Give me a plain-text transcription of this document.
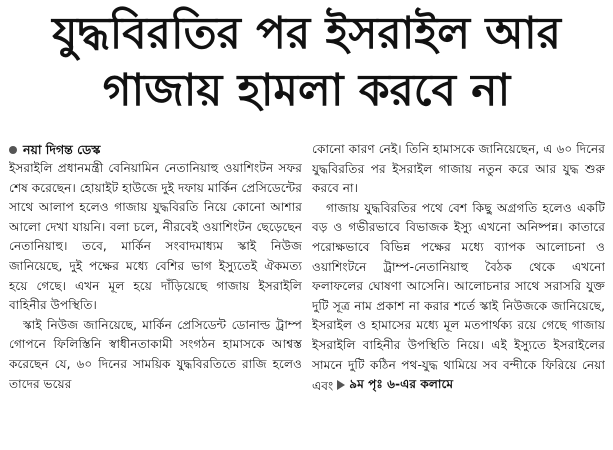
যুদ্ধবিরতির পর ইসরাইল আর
গাজায় হামলা করবে না
নয়া দিগন্ত ডেস্ক

ইসরাইলি প্রধানমন্ত্রী বেনিয়ামিন নেতানিয়াহু ওয়াশিংটন সফর শেষ করেছেন। হোয়াইট হাউজে দুই দফায় মার্কিন প্রেসিডেন্টের সাথে আলাপ হলেও গাজায় যুদ্ধবিরতি নিয়ে কোনো আশার আলো দেখা যায়নি। বলা চলে, নীরবেই ওয়াশিংটন ছেড়েছেন নেতানিয়াহু। তবে, মার্কিন সংবাদমাধ্যম স্কাই নিউজ জানিয়েছে, দুই পক্ষের মধ্যে বেশির ভাগ ইস্যুতেই ঐকমত্য হয়ে গেছে। এখন মূল হয়ে দাঁড়িয়েছে গাজায় ইসরাইলি বাহিনীর উপস্থিতি।

স্কাই নিউজ জানিয়েছে, মার্কিন প্রেসিডেন্ট ডোনাল্ড ট্রাম্প গোপনে ফিলিস্তিনি স্বাধীনতাকামী সংগঠন হামাসকে আশ্বস্ত করেছেন যে, ৬০ দিনের সাময়িক যুদ্ধবিরতিতে রাজি হলেও তাদের ভয়ের

কোনো কারণ নেই। তিনি হামাসকে জানিয়েছেন, এ ৬০ দিনের যুদ্ধবিরতির পর ইসরাইল গাজায় নতুন করে আর যুদ্ধ শুরু করবে না।

গাজায় যুদ্ধবিরতির পথে বেশ কিছু অগ্রগতি হলেও একটি বড় ও গভীরভাবে বিভাজক ইস্যু এখনো অনিষ্পন্ন। কাতারে পরোক্ষভাবে বিভিন্ন পক্ষের মধ্যে ব্যাপক আলোচনা ও ওয়াশিংটনে ট্রাম্প-নেতানিয়াহু বৈঠক থেকে এখনো ফলাফলের ঘোষণা আসেনি। আলোচনার সাথে সরাসরি যুক্ত দুটি সূত্র নাম প্রকাশ না করার শর্তে স্কাই নিউজকে জানিয়েছে, ইসরাইল ও হামাসের মধ্যে মূল মতপার্থক্য রয়ে গেছে গাজায় ইসরাইলি বাহিনীর উপস্থিতি নিয়ে। এই ইস্যুতে ইসরাইলের সামনে দুটি কঠিন পথ-যুদ্ধ থামিয়ে সব বন্দীকে ফিরিয়ে নেয়া এবং ৯ম পৃঃ ৬-এর কলামে
